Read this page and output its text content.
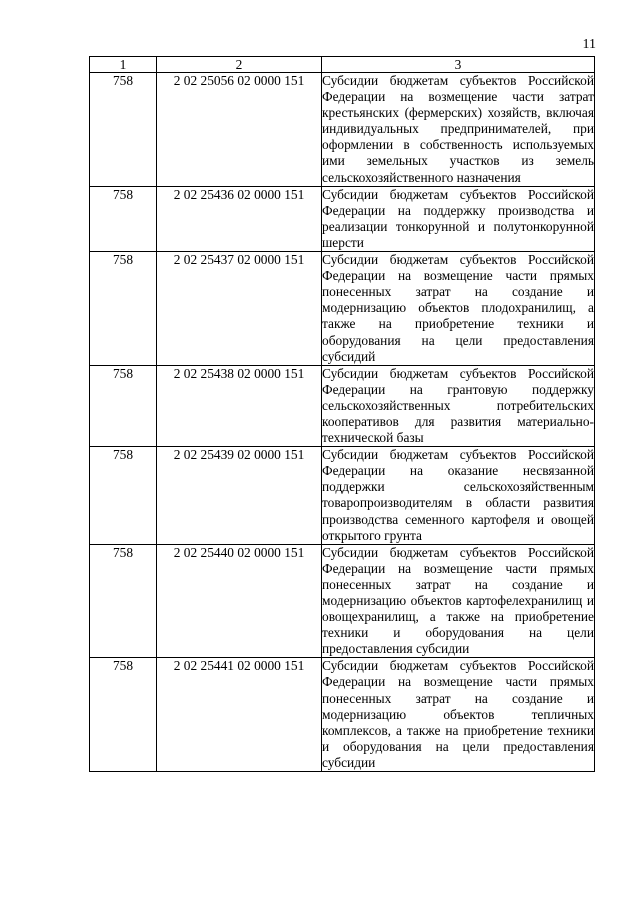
11
1	2	3
758	2 02 25056 02 0000 151	Субсидии бюджетам субъектов Российской Федерации на возмещение части затрат крестьянских (фермерских) хозяйств, включая индивидуальных предпринимателей, при оформлении в собственность используемых ими земельных участков из земель сельскохозяйственного назначения
758	2 02 25436 02 0000 151	Субсидии бюджетам субъектов Российской Федерации на поддержку производства и реализации тонкорунной и полутонкорунной шерсти
758	2 02 25437 02 0000 151	Субсидии бюджетам субъектов Российской Федерации на возмещение части прямых понесенных затрат на создание и модернизацию объектов плодохранилищ, а также на приобретение техники и оборудования на цели предоставления субсидий
758	2 02 25438 02 0000 151	Субсидии бюджетам субъектов Российской Федерации на грантовую поддержку сельскохозяйственных потребительских кооперативов для развития материально-технической базы
758	2 02 25439 02 0000 151	Субсидии бюджетам субъектов Российской Федерации на оказание несвязанной поддержки сельскохозяйственным товаропроизводителям в области развития производства семенного картофеля и овощей открытого грунта
758	2 02 25440 02 0000 151	Субсидии бюджетам субъектов Российской Федерации на возмещение части прямых понесенных затрат на создание и модернизацию объектов картофелехранилищ и овощехранилищ, а также на приобретение техники и оборудования на цели предоставления субсидии
758	2 02 25441 02 0000 151	Субсидии бюджетам субъектов Российской Федерации на возмещение части прямых понесенных затрат на создание и модернизацию объектов тепличных комплексов, а также на приобретение техники и оборудования на цели предоставления субсидии
